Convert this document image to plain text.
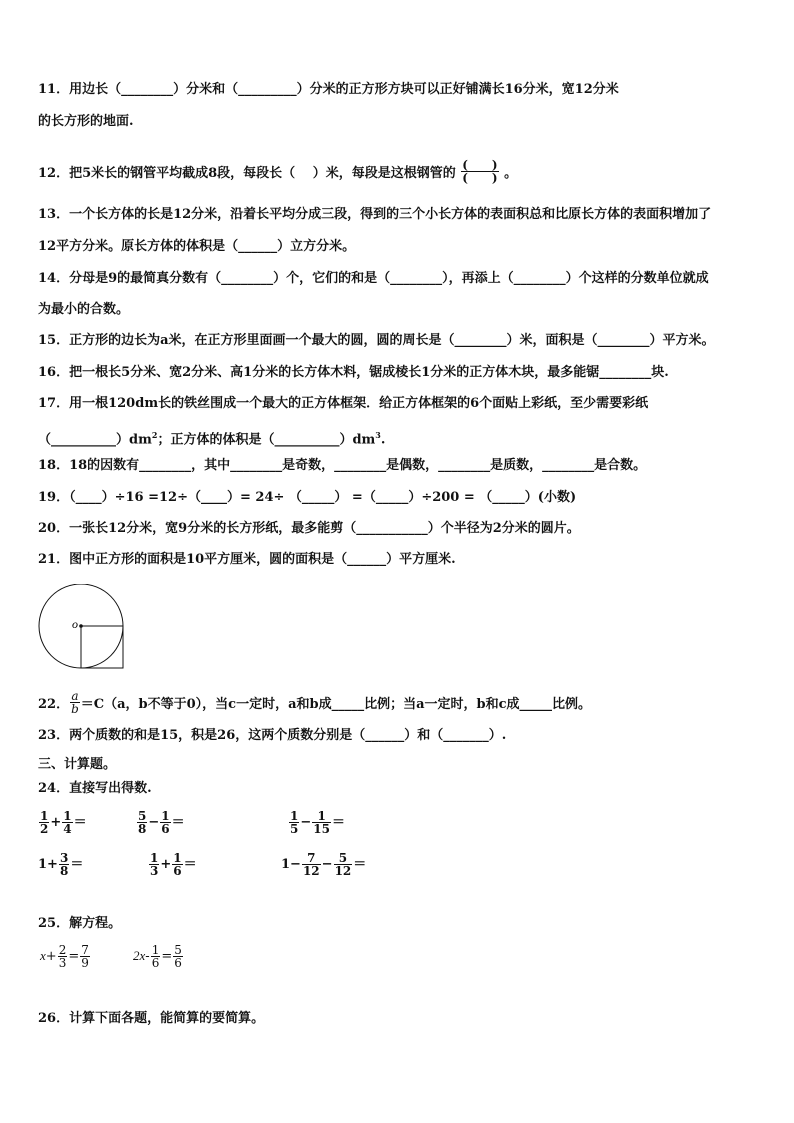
11．用边长（________）分米和（_________）分米的正方形方块可以正好铺满长16分米，宽12分米
的长方形的地面.
12．把5米长的钢管平均截成8段，每段长（　 ）米，每段是这根钢管的 $\frac{( )}{( )}$ 。
13．一个长方体的长是12分米，沿着长平均分成三段，得到的三个小长方体的表面积总和比原长方体的表面积增加了
12平方分米。原长方体的体积是（______）立方分米。
14．分母是9的最简真分数有（________）个，它们的和是（________），再添上（________）个这样的分数单位就成
为最小的合数。
15．正方形的边长为a米，在正方形里面画一个最大的圆，圆的周长是（________）米，面积是（________）平方米。
16．把一根长5分米、宽2分米、高1分米的长方体木料，锯成棱长1分米的正方体木块，最多能锯________块.
17．用一根120dm长的铁丝围成一个最大的正方体框架．给正方体框架的6个面贴上彩纸，至少需要彩纸
$(\_\_\_\_\_\_\_\_\_\_)dm^2$；正方体的体积是$(\_\_\_\_\_\_\_\_\_\_)dm^3$.
18．18的因数有________，其中________是奇数，________是偶数，________是质数，________是合数。
19．（____）÷16 =12÷（____）= 24÷ （_____） =（_____）÷200 = （_____）(小数)
20．一张长12分米，宽9分米的长方形纸，最多能剪（___________）个半径为2分米的圆片。
21．图中正方形的面积是10平方厘米，圆的面积是（______）平方厘米.
o
22． $\frac{a}{b} =C(a$，b不等于0），当c一定时，a和b成_____比例；当a一定时，b和c成_____比例。
23．两个质数的和是15，积是26，这两个质数分别是（______）和（_______）.
三、计算题。
24．直接写出得数.
$\frac{1}{2} + \frac{1}{4}$ ＝	$\frac{5}{8} - \frac{1}{6}$ ＝	$\frac{1}{5} - \frac{1}{15}$ ＝
$1+ \frac{3}{8}$ ＝	$\frac{1}{3} + \frac{1}{6}$ ＝	$1- \frac{7}{12} - \frac{5}{12}$ ＝
25．解方程。
$x+ \frac{2}{3} = \frac{7}{9}$	$2x- \frac{1}{6} = \frac{5}{6}$
26．计算下面各题，能简算的要简算。
